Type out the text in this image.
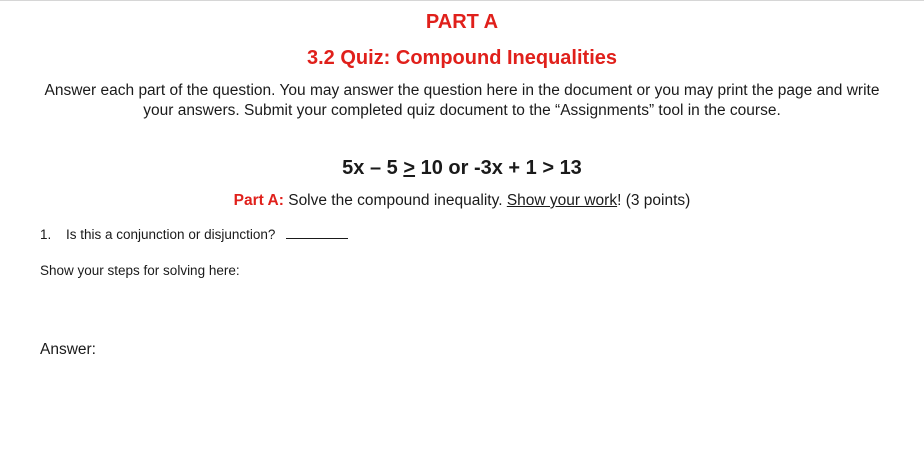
PART A
3.2 Quiz: Compound Inequalities
Answer each part of the question. You may answer the question here in the document or you may print the page and write
your answers. Submit your completed quiz document to the “Assignments” tool in the course.
5x – 5 ≥ 10 or -3x + 1 > 13
Part A: Solve the compound inequality. Show your work! (3 points)
1.	Is this a conjunction or disjunction?
Show your steps for solving here:
Answer:
